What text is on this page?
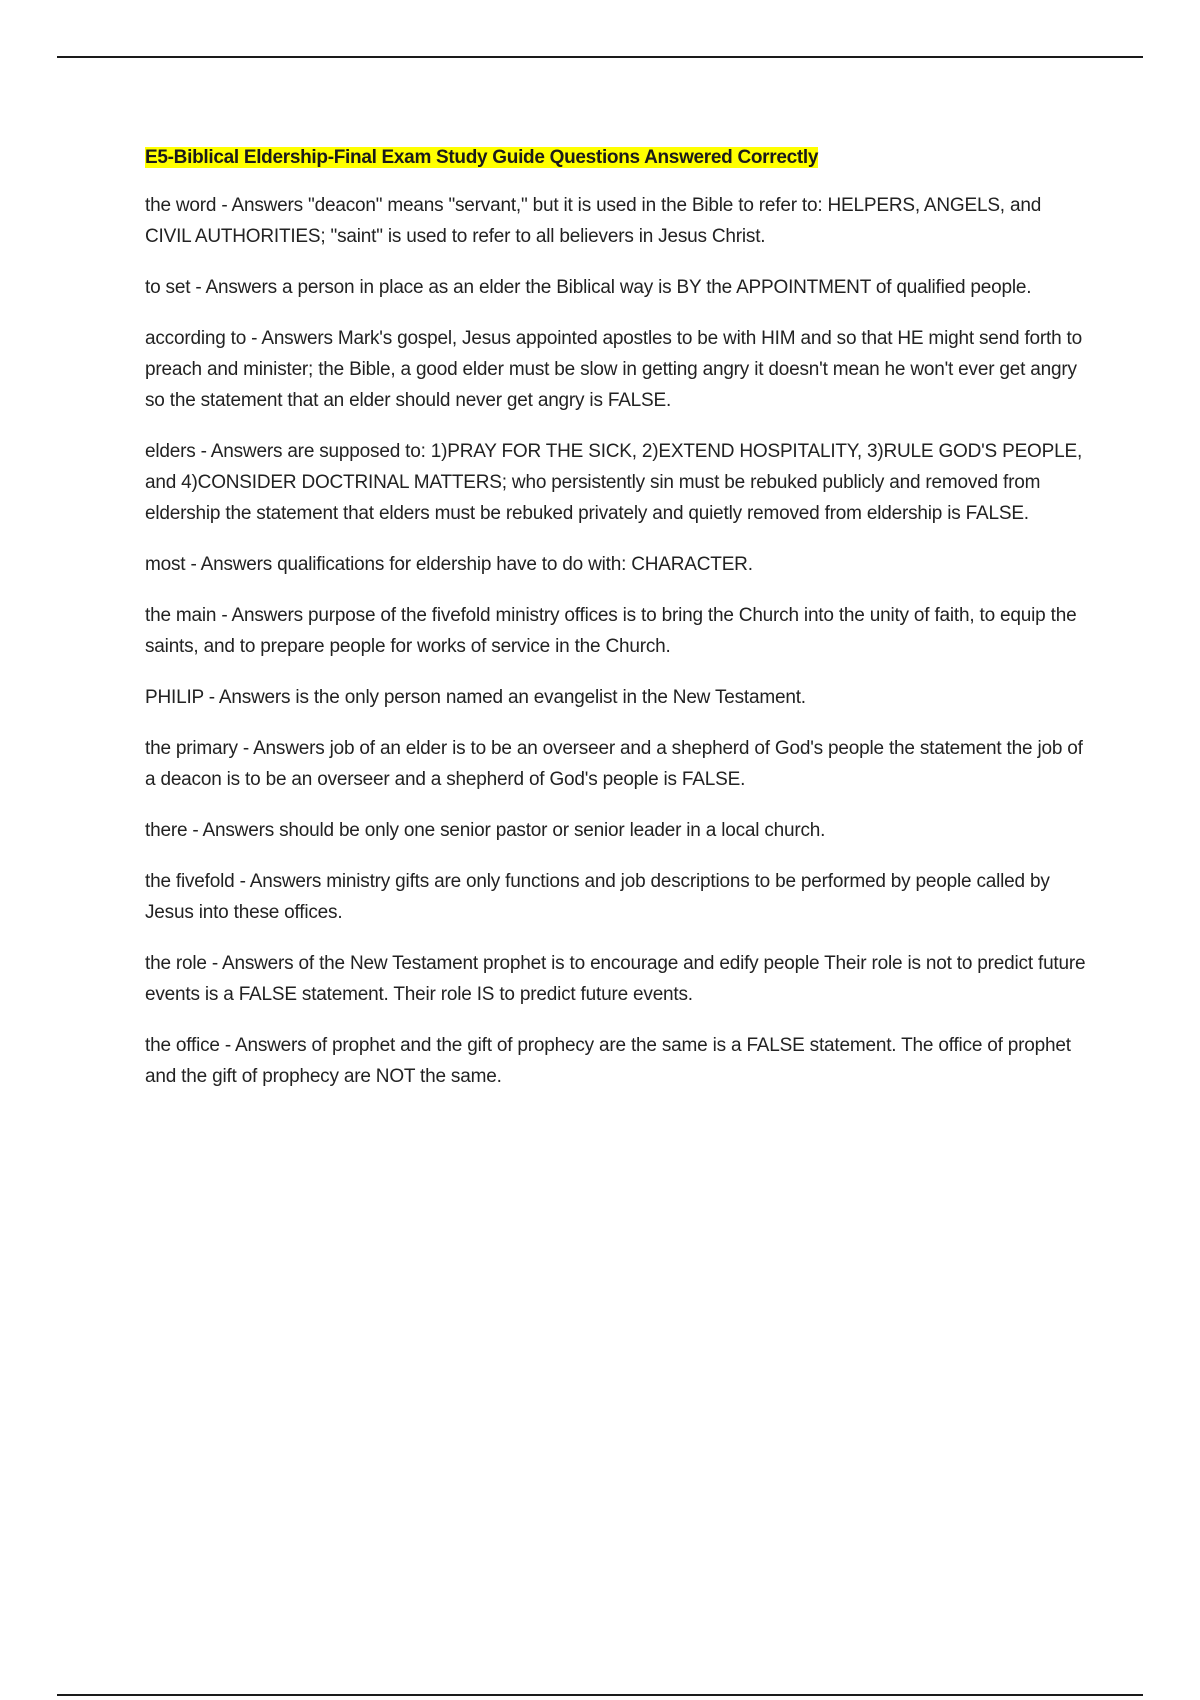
E5-Biblical Eldership-Final Exam Study Guide Questions Answered Correctly

the word - Answers "deacon" means "servant," but it is used in the Bible to refer to: HELPERS, ANGELS, and CIVIL AUTHORITIES; "saint" is used to refer to all believers in Jesus Christ.

to set - Answers a person in place as an elder the Biblical way is BY the APPOINTMENT of qualified people.

according to - Answers Mark's gospel, Jesus appointed apostles to be with HIM and so that HE might send forth to preach and minister; the Bible, a good elder must be slow in getting angry it doesn't mean he won't ever get angry so the statement that an elder should never get angry is FALSE.

elders - Answers are supposed to: 1)PRAY FOR THE SICK, 2)EXTEND HOSPITALITY, 3)RULE GOD'S PEOPLE, and 4)CONSIDER DOCTRINAL MATTERS; who persistently sin must be rebuked publicly and removed from eldership the statement that elders must be rebuked privately and quietly removed from eldership is FALSE.

most - Answers qualifications for eldership have to do with: CHARACTER.

the main - Answers purpose of the fivefold ministry offices is to bring the Church into the unity of faith, to equip the saints, and to prepare people for works of service in the Church.

PHILIP - Answers is the only person named an evangelist in the New Testament.

the primary - Answers job of an elder is to be an overseer and a shepherd of God's people the statement the job of a deacon is to be an overseer and a shepherd of God's people is FALSE.

there - Answers should be only one senior pastor or senior leader in a local church.

the fivefold - Answers ministry gifts are only functions and job descriptions to be performed by people called by Jesus into these offices.

the role - Answers of the New Testament prophet is to encourage and edify people Their role is not to predict future events is a FALSE statement. Their role IS to predict future events.

the office - Answers of prophet and the gift of prophecy are the same is a FALSE statement. The office of prophet and the gift of prophecy are NOT the same.
